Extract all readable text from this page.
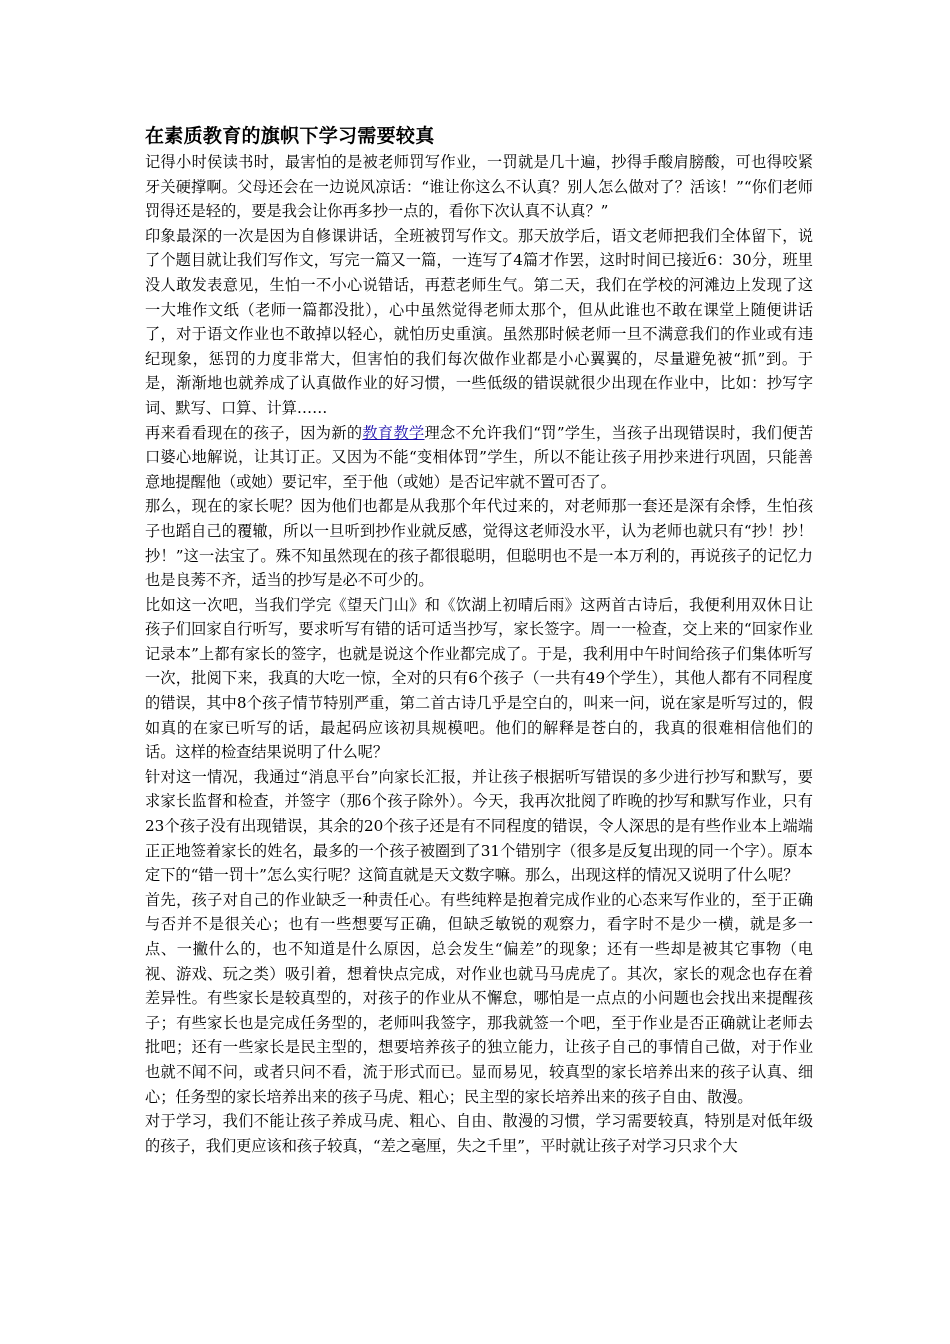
在素质教育的旗帜下学习需要较真

记得小时侯读书时，最害怕的是被老师罚写作业，一罚就是几十遍，抄得手酸肩膀酸，可也得咬紧牙关硬撑啊。父母还会在一边说风凉话：“谁让你这么不认真？别人怎么做对了？活该！”“你们老师罚得还是轻的，要是我会让你再多抄一点的，看你下次认真不认真？”

印象最深的一次是因为自修课讲话，全班被罚写作文。那天放学后，语文老师把我们全体留下，说了个题目就让我们写作文，写完一篇又一篇，一连写了4篇才作罢，这时时间已接近6：30分，班里没人敢发表意见，生怕一不小心说错话，再惹老师生气。第二天，我们在学校的河滩边上发现了这一大堆作文纸（老师一篇都没批），心中虽然觉得老师太那个，但从此谁也不敢在课堂上随便讲话了，对于语文作业也不敢掉以轻心，就怕历史重演。虽然那时候老师一旦不满意我们的作业或有违纪现象，惩罚的力度非常大，但害怕的我们每次做作业都是小心翼翼的，尽量避免被“抓”到。于是，渐渐地也就养成了认真做作业的好习惯，一些低级的错误就很少出现在作业中，比如：抄写字词、默写、口算、计算……

再来看看现在的孩子，因为新的教育教学理念不允许我们“罚”学生，当孩子出现错误时，我们便苦口婆心地解说，让其订正。又因为不能“变相体罚”学生，所以不能让孩子用抄来进行巩固，只能善意地提醒他（或她）要记牢，至于他（或她）是否记牢就不置可否了。

那么，现在的家长呢？因为他们也都是从我那个年代过来的，对老师那一套还是深有余悸，生怕孩子也蹈自己的覆辙，所以一旦听到抄作业就反感，觉得这老师没水平，认为老师也就只有“抄！抄！抄！”这一法宝了。殊不知虽然现在的孩子都很聪明，但聪明也不是一本万利的，再说孩子的记忆力也是良莠不齐，适当的抄写是必不可少的。

比如这一次吧，当我们学完《望天门山》和《饮湖上初晴后雨》这两首古诗后，我便利用双休日让孩子们回家自行听写，要求听写有错的话可适当抄写，家长签字。周一一检查，交上来的“回家作业记录本”上都有家长的签字，也就是说这个作业都完成了。于是，我利用中午时间给孩子们集体听写一次，批阅下来，我真的大吃一惊，全对的只有6个孩子（一共有49个学生），其他人都有不同程度的错误，其中8个孩子情节特别严重，第二首古诗几乎是空白的，叫来一问，说在家是听写过的，假如真的在家已听写的话，最起码应该初具规模吧。他们的解释是苍白的，我真的很难相信他们的话。这样的检查结果说明了什么呢？

针对这一情况，我通过“消息平台”向家长汇报，并让孩子根据听写错误的多少进行抄写和默写，要求家长监督和检查，并签字（那6个孩子除外）。今天，我再次批阅了昨晚的抄写和默写作业，只有23个孩子没有出现错误，其余的20个孩子还是有不同程度的错误，令人深思的是有些作业本上端端正正地签着家长的姓名，最多的一个孩子被圈到了31个错别字（很多是反复出现的同一个字）。原本定下的“错一罚十”怎么实行呢？这简直就是天文数字嘛。那么，出现这样的情况又说明了什么呢？

首先，孩子对自己的作业缺乏一种责任心。有些纯粹是抱着完成作业的心态来写作业的，至于正确与否并不是很关心；也有一些想要写正确，但缺乏敏锐的观察力，看字时不是少一横，就是多一点、一撇什么的，也不知道是什么原因，总会发生“偏差”的现象；还有一些却是被其它事物（电视、游戏、玩之类）吸引着，想着快点完成，对作业也就马马虎虎了。其次，家长的观念也存在着差异性。有些家长是较真型的，对孩子的作业从不懈怠，哪怕是一点点的小问题也会找出来提醒孩子；有些家长也是完成任务型的，老师叫我签字，那我就签一个吧，至于作业是否正确就让老师去批吧；还有一些家长是民主型的，想要培养孩子的独立能力，让孩子自己的事情自己做，对于作业也就不闻不问，或者只问不看，流于形式而已。显而易见，较真型的家长培养出来的孩子认真、细心；任务型的家长培养出来的孩子马虎、粗心；民主型的家长培养出来的孩子自由、散漫。

对于学习，我们不能让孩子养成马虎、粗心、自由、散漫的习惯，学习需要较真，特别是对低年级的孩子，我们更应该和孩子较真，“差之毫厘，失之千里”，平时就让孩子对学习只求个大
